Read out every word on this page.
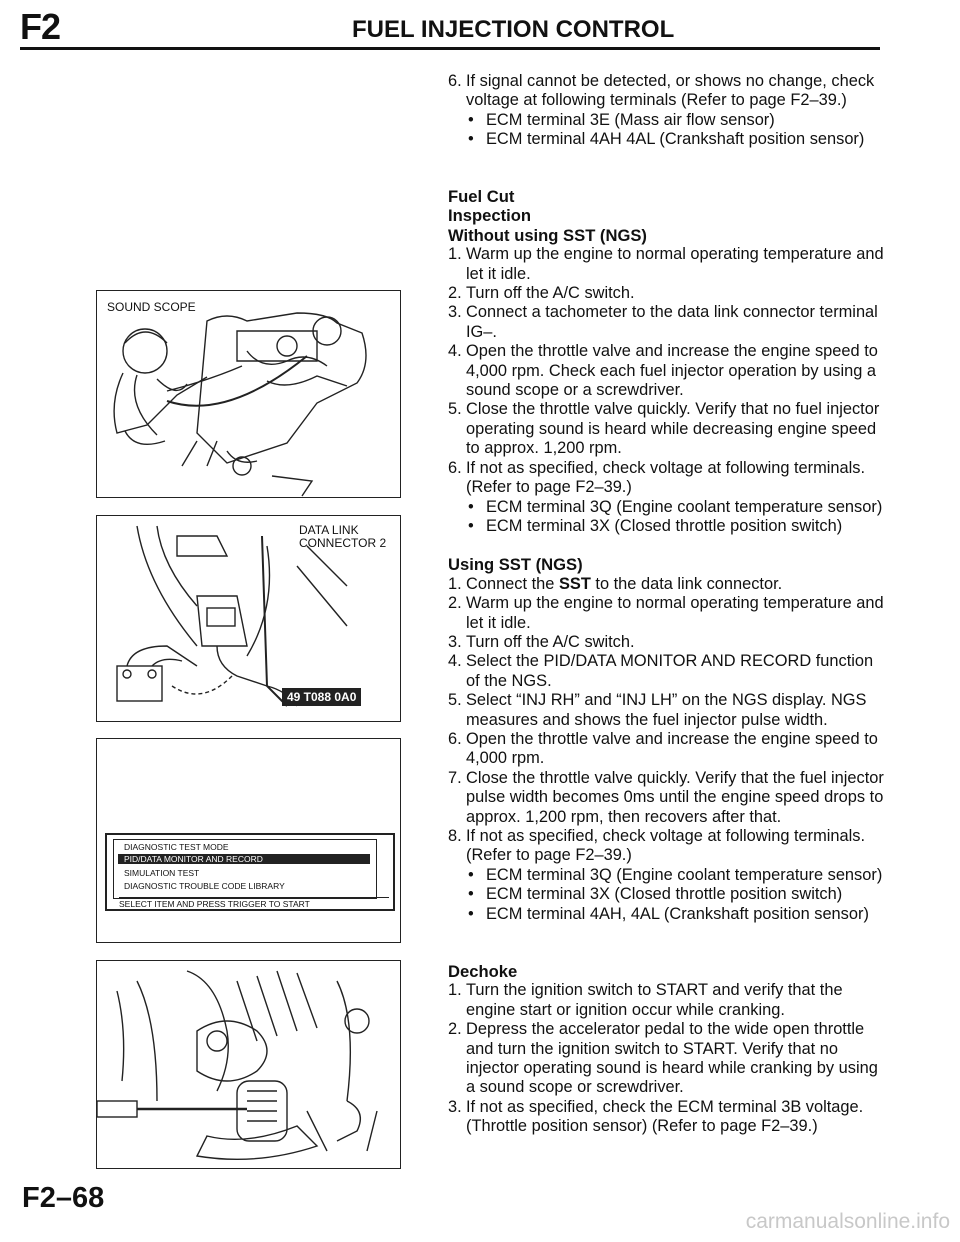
F2	FUEL INJECTION CONTROL
SOUND SCOPE
DATA LINK
CONNECTOR 2
49 T088 0A0
DIAGNOSTIC TEST MODE
PID/DATA MONITOR AND RECORD
SIMULATION TEST
DIAGNOSTIC TROUBLE CODE LIBRARY
SELECT ITEM AND PRESS TRIGGER TO START
6. If signal cannot be detected, or shows no change, check voltage at following terminals (Refer to page F2–39.)
• ECM terminal 3E (Mass air flow sensor)
• ECM terminal 4AH 4AL (Crankshaft position sensor)
Fuel Cut
Inspection
Without using SST (NGS)
1. Warm up the engine to normal operating temperature and let it idle.
2. Turn off the A/C switch.
3. Connect a tachometer to the data link connector terminal IG–.
4. Open the throttle valve and increase the engine speed to 4,000 rpm. Check each fuel injector operation by using a sound scope or a screwdriver.
5. Close the throttle valve quickly. Verify that no fuel injector operating sound is heard while decreasing engine speed to approx. 1,200 rpm.
6. If not as specified, check voltage at following terminals. (Refer to page F2–39.)
• ECM terminal 3Q (Engine coolant temperature sensor)
• ECM terminal 3X (Closed throttle position switch)
Using SST (NGS)
1. Connect the SST to the data link connector.
2. Warm up the engine to normal operating temperature and let it idle.
3. Turn off the A/C switch.
4. Select the PID/DATA MONITOR AND RECORD function of the NGS.
5. Select “INJ RH” and “INJ LH” on the NGS display. NGS measures and shows the fuel injector pulse width.
6. Open the throttle valve and increase the engine speed to 4,000 rpm.
7. Close the throttle valve quickly. Verify that the fuel injector pulse width becomes 0ms until the engine speed drops to approx. 1,200 rpm, then recovers after that.
8. If not as specified, check voltage at following terminals. (Refer to page F2–39.)
• ECM terminal 3Q (Engine coolant temperature sensor)
• ECM terminal 3X (Closed throttle position switch)
• ECM terminal 4AH, 4AL (Crankshaft position sensor)
Dechoke
1. Turn the ignition switch to START and verify that the engine start or ignition occur while cranking.
2. Depress the accelerator pedal to the wide open throttle and turn the ignition switch to START. Verify that no injector operating sound is heard while cranking by using a sound scope or screwdriver.
3. If not as specified, check the ECM terminal 3B voltage. (Throttle position sensor) (Refer to page F2–39.)
F2–68
carmanualsonline.info
